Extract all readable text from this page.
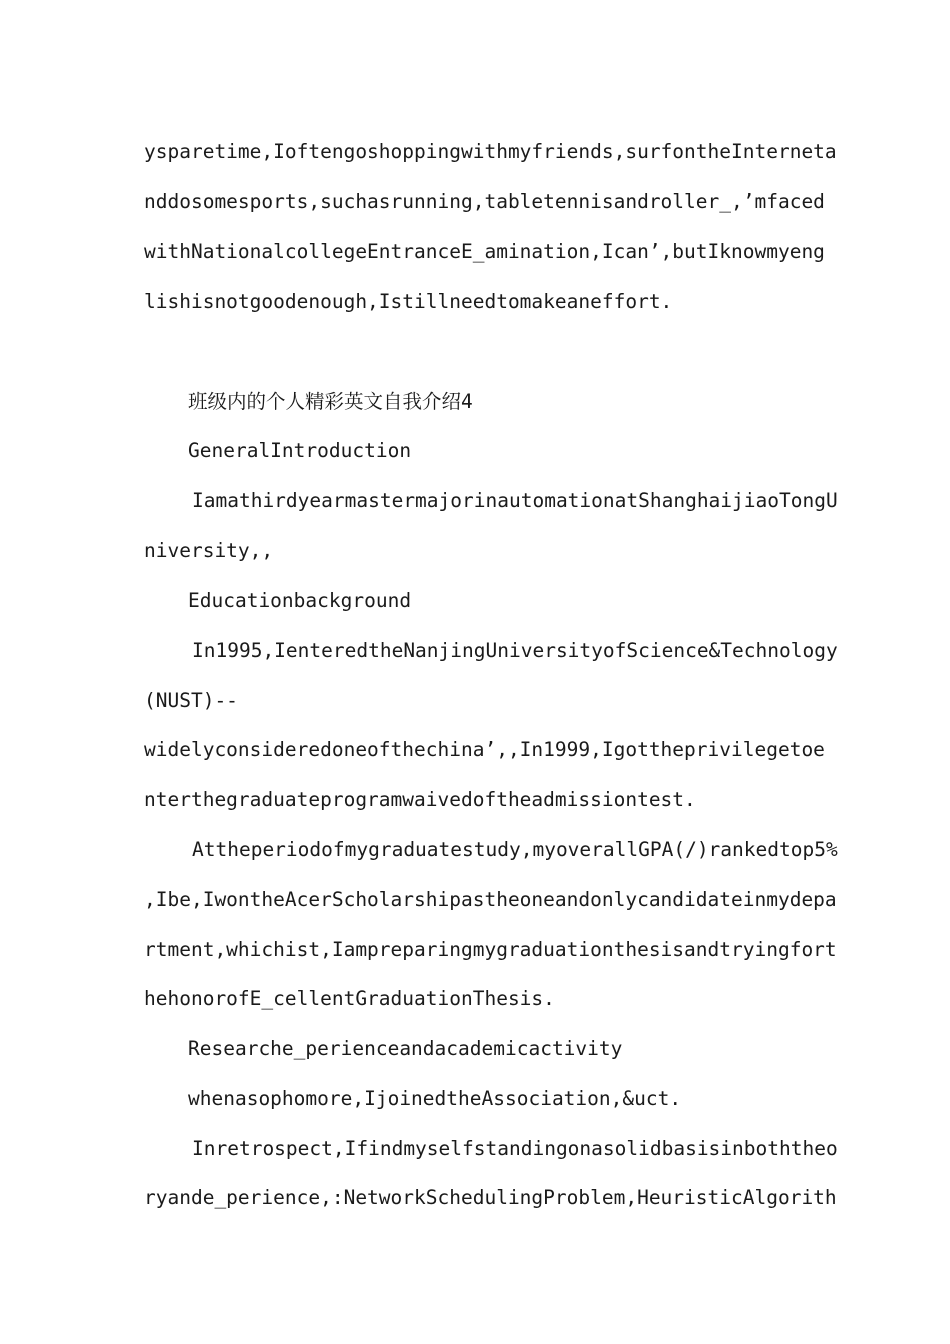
ysparetime,Ioftengoshoppingwithmyfriends,surfontheInterneta

nddosomesports,suchasrunning,tabletennisandroller_,’mfaced

withNationalcollegeEntranceE_amination,Ican’,butIknowmyeng

lishisnotgoodenough,Istillneedtomakeaneffort.

班级内的个人精彩英文自我介绍4

GeneralIntroduction

IamathirdyearmastermajorinautomationatShanghaijiaoTongU

niversity,,

Educationbackground

In1995,IenteredtheNanjingUniversityofScience&Technology

(NUST)--

widelyconsideredoneofthechina’,,In1999,Igottheprivilegetoe

nterthegraduateprogramwaivedoftheadmissiontest.

Attheperiodofmygraduatestudy,myoverallGPA(/)rankedtop5%

,Ibe,IwontheAcerScholarshipastheoneandonlycandidateinmydepa

rtment,whichist,Iampreparingmygraduationthesisandtryingfort

hehonorofE_cellentGraduationThesis.

Researche_perienceandacademicactivity

whenasophomore,IjoinedtheAssociation,&uct.

Inretrospect,Ifindmyselfstandingonasolidbasisinboththeo

ryande_perience,:NetworkSchedulingProblem,HeuristicAlgorith
